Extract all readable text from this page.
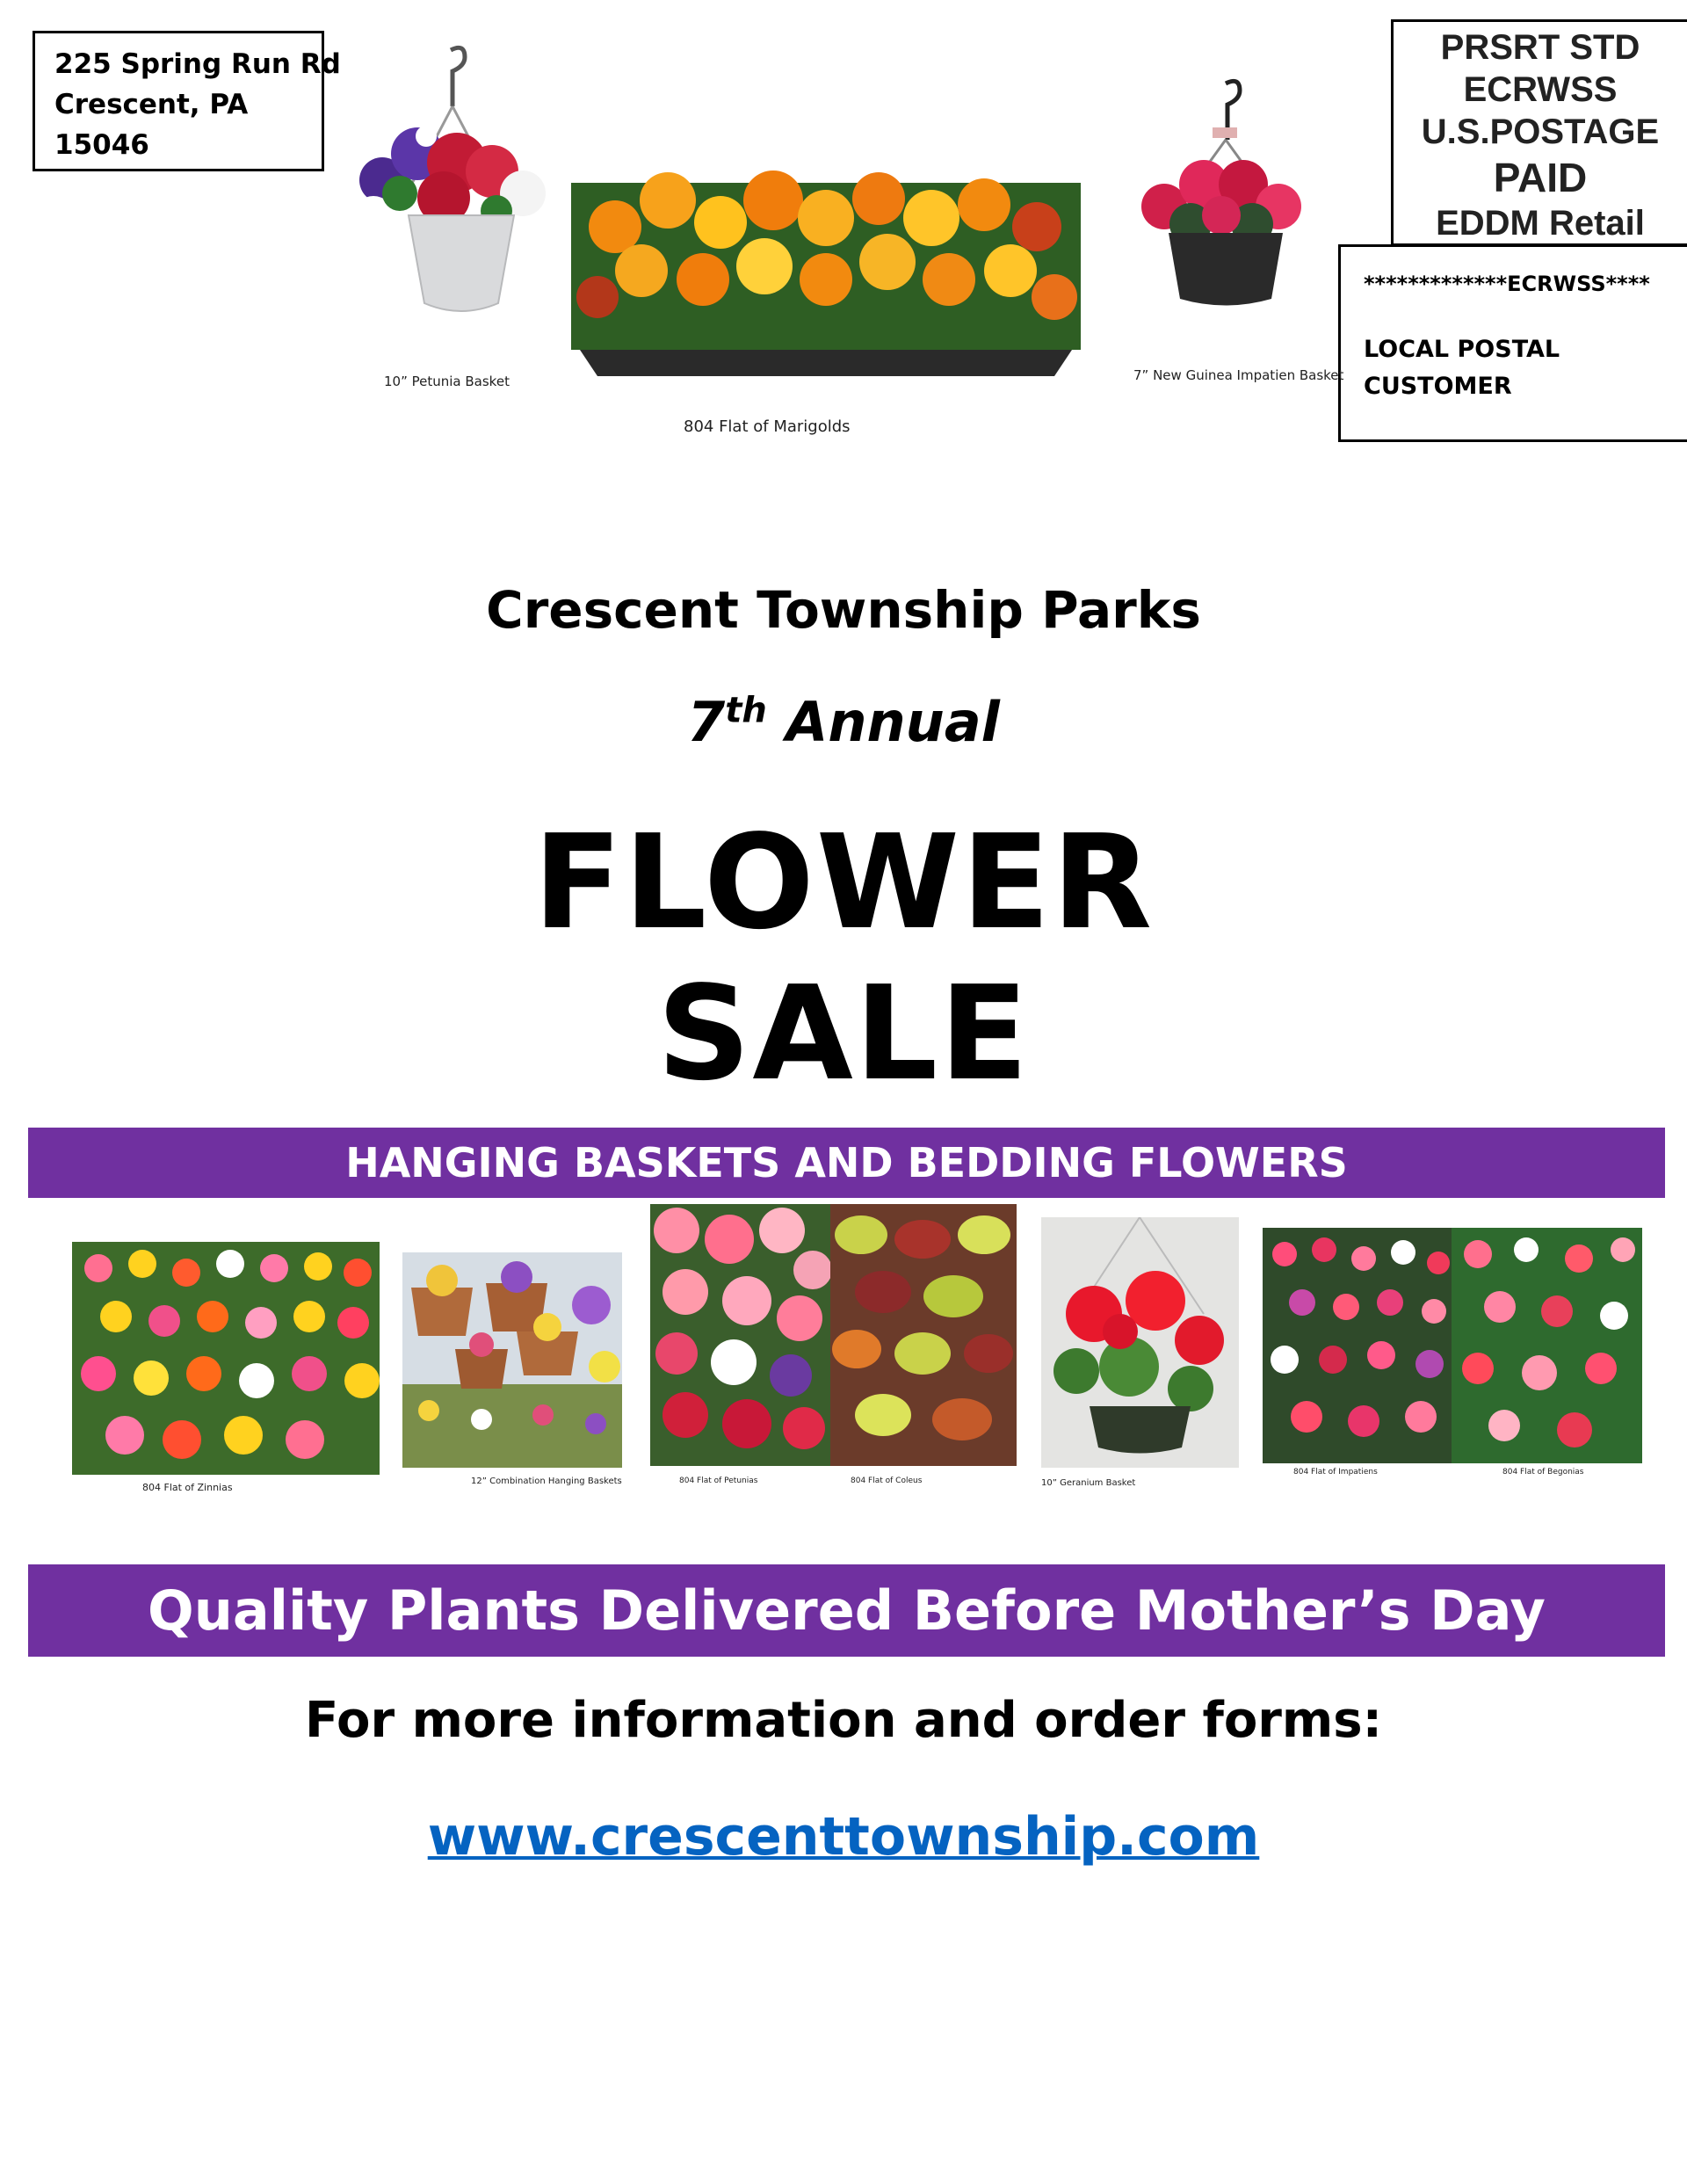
225 Spring Run Rd
Crescent, PA
15046
PRSRT STD
ECRWSS
U.S.POSTAGE
PAID
EDDM Retail
*************ECRWSS****
LOCAL POSTAL
CUSTOMER
10” Petunia Basket
804 Flat of Marigolds
7” New Guinea Impatien Basket
Crescent Township Parks
7th Annual
FLOWER
SALE
HANGING BASKETS AND BEDDING FLOWERS
804 Flat of Zinnias
12” Combination Hanging Baskets	804 Flat of Petunias	804 Flat of Coleus	10” Geranium Basket
804 Flat of Impatiens	804 Flat of Begonias
Quality Plants Delivered Before Mother’s Day
For more information and order forms:
www.crescenttownship.com
